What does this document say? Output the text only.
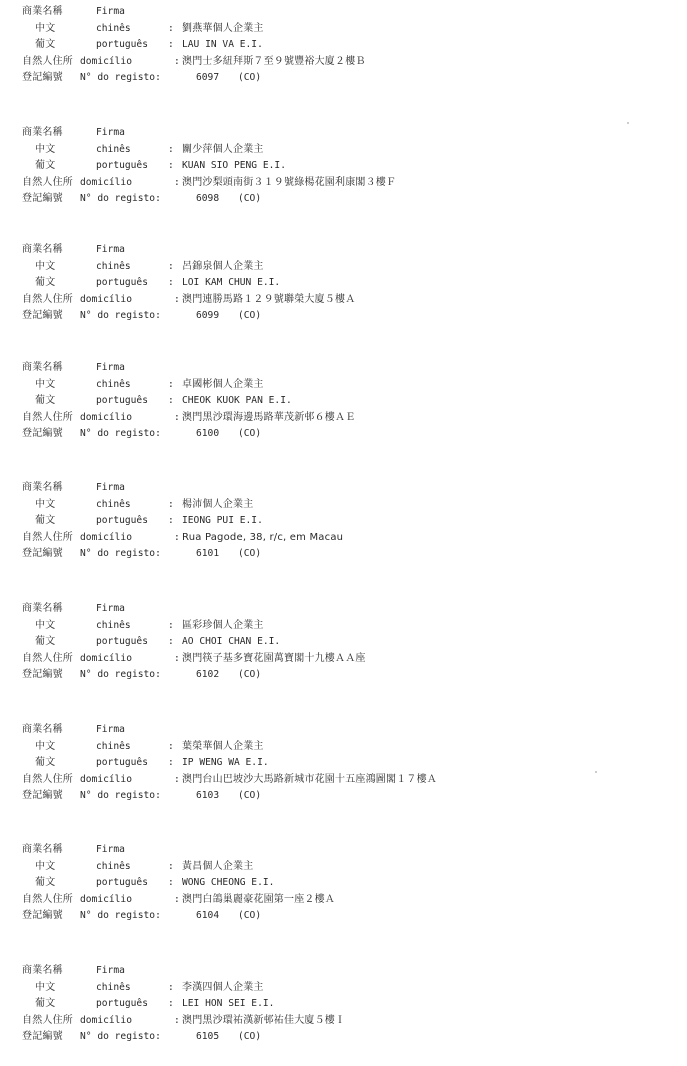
商業名稱	Firma
中文	chinês	: 劉燕華個人企業主
葡文	português : LAU IN VA E.I.
自然人住所 domicílio	: 澳門士多紐拜斯７至９號豐裕大廈２樓Ｂ
登記編號 N° do registo:	6097 (CO)
商業名稱	Firma
中文	chinês	: 關少萍個人企業主
葡文	português : KUAN SIO PENG E.I.
自然人住所 domicílio	: 澳門沙梨頭南街３１９號綠楊花園利康閣３樓Ｆ
登記編號 N° do registo:	6098 (CO)
商業名稱	Firma
中文	chinês	: 呂錦泉個人企業主
葡文	português : LOI KAM CHUN E.I.
自然人住所 domicílio	: 澳門連勝馬路１２９號聯榮大廈５樓Ａ
登記編號 N° do registo:	6099 (CO)
商業名稱	Firma
中文	chinês	: 卓國彬個人企業主
葡文	português : CHEOK KUOK PAN E.I.
自然人住所 domicílio	: 澳門黑沙環海邊馬路華茂新邨６樓ＡＥ
登記編號 N° do registo:	6100 (CO)
商業名稱	Firma
中文	chinês	: 楊沛個人企業主
葡文	português : IEONG PUI E.I.
自然人住所 domicílio	: Rua Pagode, 38, r/c, em Macau
登記編號 N° do registo:	6101 (CO)
商業名稱	Firma
中文	chinês	: 區彩珍個人企業主
葡文	português : AO CHOI CHAN E.I.
自然人住所 domicílio	: 澳門筷子基多寶花園萬寶閣十九樓ＡＡ座
登記編號 N° do registo:	6102 (CO)
商業名稱	Firma
中文	chinês	: 葉榮華個人企業主
葡文	português : IP WENG WA E.I.
自然人住所 domicílio	: 澳門台山巴坡沙大馬路新城市花園十五座鴻圖閣１７樓Ａ
登記編號 N° do registo:	6103 (CO)
商業名稱	Firma
中文	chinês	: 黃昌個人企業主
葡文	português : WONG CHEONG E.I.
自然人住所 domicílio	: 澳門白鴿巢麗豪花園第一座２樓Ａ
登記編號 N° do registo:	6104 (CO)
商業名稱	Firma
中文	chinês	: 李漢四個人企業主
葡文	português : LEI HON SEI E.I.
自然人住所 domicílio	: 澳門黑沙環祐漢新邨祐佳大廈５樓Ｉ
登記編號 N° do registo:	6105 (CO)
